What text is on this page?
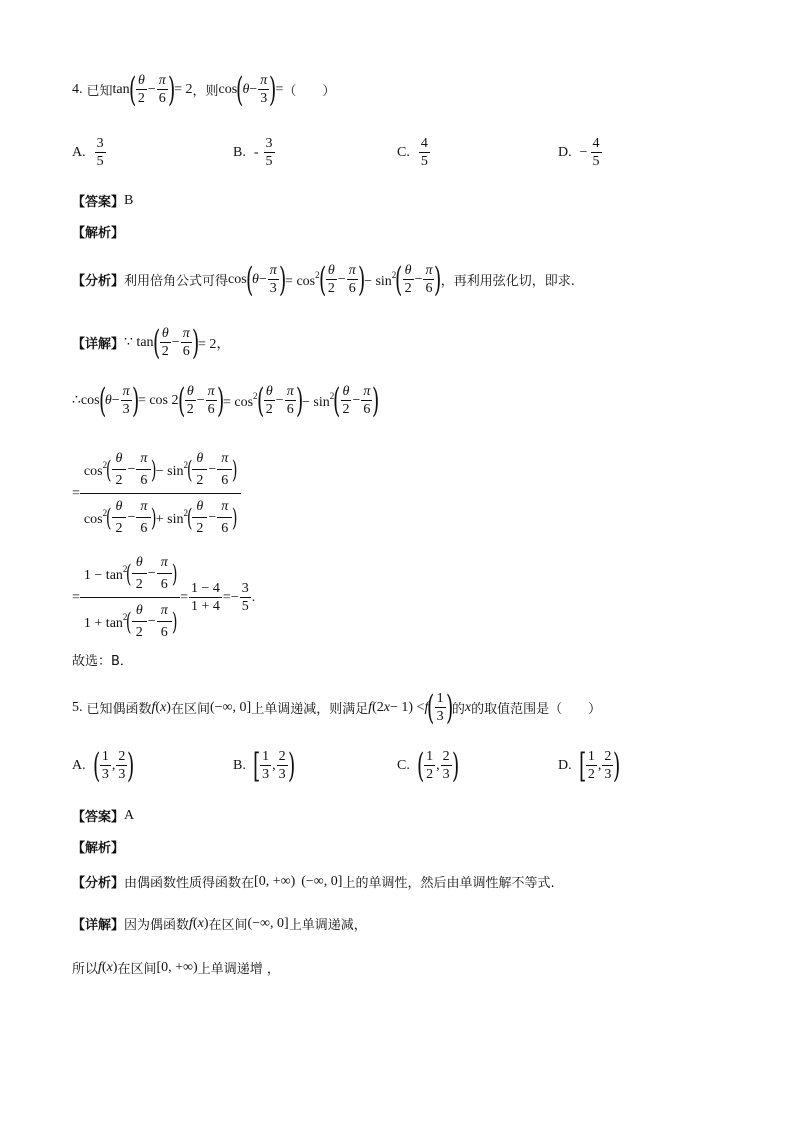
4. 已知 tan
( $\frac{\theta}{2} - \frac{\pi}{6}$ )
= 2 ，则 cos
(
$\theta - \frac{\pi}{3}$ )
= （　　）
A. $\frac{3}{5}$	B. - $\frac{3}{5}$	C. $\frac{4}{5}$	D. − $\frac{4}{5}$
【答案】 B
【解析】
【分析】 利用倍角公式可得 cos
(
$\theta - \frac{\pi}{3}$ )
= $\cos^2$
( $\frac{\theta}{2} - \frac{\pi}{6}$ )
− $\sin^2$
( $\frac{\theta}{2} - \frac{\pi}{6}$ )
，再利用弦化切，即求.
【详解】 ∵ tan
( $\frac{\theta}{2} - \frac{\pi}{6}$ )
= 2，
∴ cos
(
$\theta - \frac{\pi}{3}$ )
= cos 2
( $\frac{\theta}{2} - \frac{\pi}{6}$ )
= $\cos^2$
( $\frac{\theta}{2} - \frac{\pi}{6}$ )
− $\sin^2$
( $\frac{\theta}{2} - \frac{\pi}{6}$ )
=
$\cos^2$
( $\frac{\theta}{2} - \frac{\pi}{6}$ )
− $\sin^2$
( $\frac{\theta}{2} - \frac{\pi}{6}$ )
$\cos^2$
( $\frac{\theta}{2} - \frac{\pi}{6}$ )
+ $\sin^2$
( $\frac{\theta}{2} - \frac{\pi}{6}$ )
= $1 - \tan^2$
( $\frac{\theta}{2} - \frac{\pi}{6}$ )
$1 + \tan^2$
( $\frac{\theta}{2} - \frac{\pi}{6}$ ) = $\frac{1 - 4}{1 + 4}$ = − $\frac{3}{5}$ .
故选：B．
5. 已知偶函数 f ( x ) 在区间 (−∞, 0] 上单调递减，则满足 f (2 x − 1) < f
( $\frac{1}{3}$ )
的 x 的取值范围是（　　）
A. ( $\frac{1}{3}$ , $\frac{2}{3}$ )	B. [ $\frac{1}{3}$ , $\frac{2}{3}$ )	C. ( $\frac{1}{2}$ , $\frac{2}{3}$ )	D. [ $\frac{1}{2}$ , $\frac{2}{3}$ )
【答案】 A
【解析】
【分析】 由偶函数性质得函数在 [0, +∞) (−∞, 0] 上的单调性，然后由单调性解不等式.
【详解】 因为偶函数 f ( x ) 在区间 (−∞, 0] 上单调递减，
所以 f ( x ) 在区间 [0, +∞) 上单调递增 ，
